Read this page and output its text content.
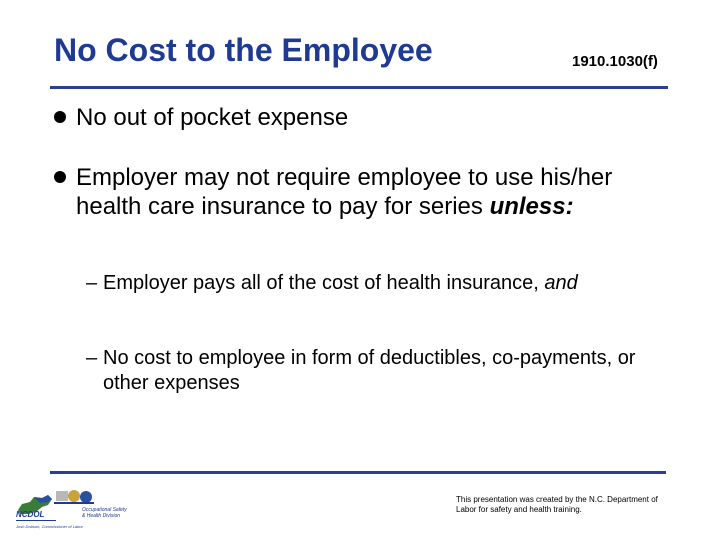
No Cost to the Employee	1910.1030(f)
No out of pocket expense
Employer may not require employee to use his/her health care insurance to pay for series unless:
– Employer pays all of the cost of health insurance, and
– No cost to employee in form of deductibles, co-payments, or other expenses
NCDOL	Occupational Safety
& Health Division
Josh Dobson, Commissioner of Labor
This presentation was created by the N.C. Department of Labor for safety and health training.
